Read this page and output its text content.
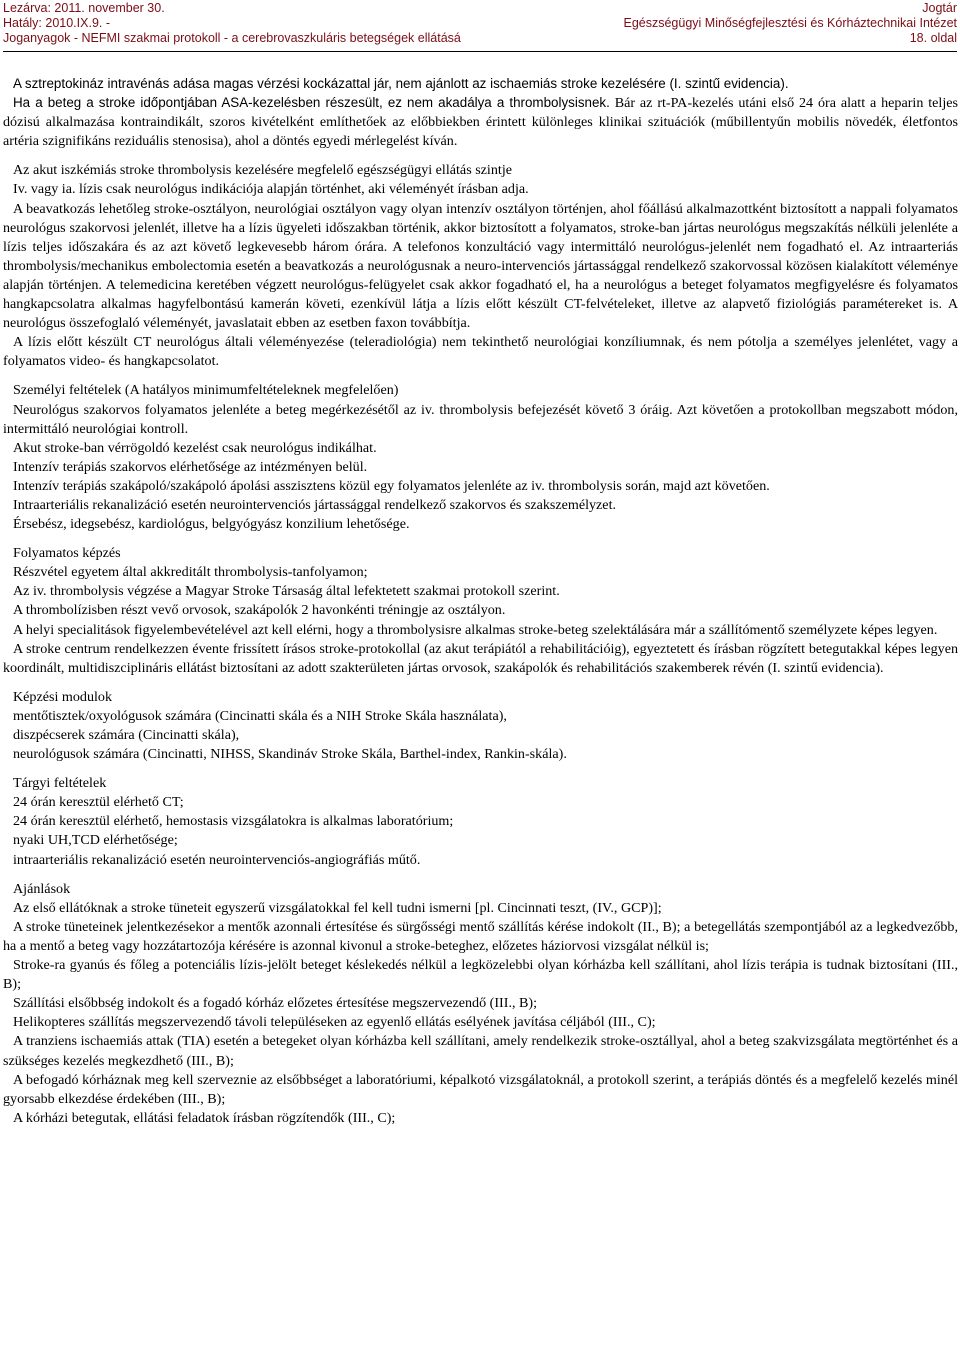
Lezárva: 2011. november 30.
Hatály: 2010.IX.9. -
Joganyagok - NEFMI szakmai protokoll - a cerebrovaszkuláris betegségek ellátásá
Jogtár
Egészségügyi Minőségfejlesztési és Kórháztechnikai Intézet
18. oldal

A sztreptokináz intravénás adása magas vérzési kockázattal jár, nem ajánlott az ischaemiás stroke kezelésére (I. szintű evidencia).

Ha a beteg a stroke időpontjában ASA-kezelésben részesült, ez nem akadálya a thrombolysisnek. Bár az rt-PA-kezelés utáni első 24 óra alatt a heparin teljes dózisú alkalmazása kontraindikált, szoros kivételként említhetőek az előbbiekben érintett különleges klinikai szituációk (műbillentyűn mobilis növedék, életfontos artéria szignifikáns reziduális stenosisa), ahol a döntés egyedi mérlegelést kíván.

Az akut iszkémiás stroke thrombolysis kezelésére megfelelő egészségügyi ellátás szintje

Iv. vagy ia. lízis csak neurológus indikációja alapján történhet, aki véleményét írásban adja.

A beavatkozás lehetőleg stroke-osztályon, neurológiai osztályon vagy olyan intenzív osztályon történjen, ahol főállású alkalmazottként biztosított a nappali folyamatos neurológus szakorvosi jelenlét, illetve ha a lízis ügyeleti időszakban történik, akkor biztosított a folyamatos, stroke-ban jártas neurológus megszakítás nélküli jelenléte a lízis teljes időszakára és az azt követő legkevesebb három órára. A telefonos konzultáció vagy intermittáló neurológus-jelenlét nem fogadható el. Az intraarteriás thrombolysis/mechanikus embolectomia esetén a beavatkozás a neurológusnak a neuro-intervenciós jártassággal rendelkező szakorvossal közösen kialakított véleménye alapján történjen. A telemedicina keretében végzett neurológus-felügyelet csak akkor fogadható el, ha a neurológus a beteget folyamatos megfigyelésre és folyamatos hangkapcsolatra alkalmas hagyfelbontású kamerán követi, ezenkívül látja a lízis előtt készült CT-felvételeket, illetve az alapvető fiziológiás paramétereket is. A neurológus összefoglaló véleményét, javaslatait ebben az esetben faxon továbbítja.

A lízis előtt készült CT neurológus általi véleményezése (teleradiológia) nem tekinthető neurológiai konzíliumnak, és nem pótolja a személyes jelenlétet, vagy a folyamatos video- és hangkapcsolatot.

Személyi feltételek (A hatályos minimumfeltételeknek megfelelően)

Neurológus szakorvos folyamatos jelenléte a beteg megérkezésétől az iv. thrombolysis befejezését követő 3 óráig. Azt követően a protokollban megszabott módon, intermittáló neurológiai kontroll.

Akut stroke-ban vérrögoldó kezelést csak neurológus indikálhat.

Intenzív terápiás szakorvos elérhetősége az intézményen belül.

Intenzív terápiás szakápoló/szakápoló ápolási asszisztens közül egy folyamatos jelenléte az iv. thrombolysis során, majd azt követően.

Intraarteriális rekanalizáció esetén neurointervenciós jártassággal rendelkező szakorvos és szakszemélyzet.

Érsebész, idegsebész, kardiológus, belgyógyász konzilium lehetősége.

Folyamatos képzés

Részvétel egyetem által akkreditált thrombolysis-tanfolyamon;

Az iv. thrombolysis végzése a Magyar Stroke Társaság által lefektetett szakmai protokoll szerint.

A thrombolízisben részt vevő orvosok, szakápolók 2 havonkénti tréningje az osztályon.

A helyi specialitások figyelembevételével azt kell elérni, hogy a thrombolysisre alkalmas stroke-beteg szelektálására már a szállítómentő személyzete képes legyen.

A stroke centrum rendelkezzen évente frissített írásos stroke-protokollal (az akut terápiától a rehabilitációig), egyeztetett és írásban rögzített betegutakkal képes legyen koordinált, multidiszciplináris ellátást biztosítani az adott szakterületen jártas orvosok, szakápolók és rehabilitációs szakemberek révén (I. szintű evidencia).

Képzési modulok

mentőtisztek/oxyológusok számára (Cincinatti skála és a NIH Stroke Skála használata),

diszpécserek számára (Cincinatti skála),

neurológusok számára (Cincinatti, NIHSS, Skandináv Stroke Skála, Barthel-index, Rankin-skála).

Tárgyi feltételek

24 órán keresztül elérhető CT;

24 órán keresztül elérhető, hemostasis vizsgálatokra is alkalmas laboratórium;

nyaki UH,TCD elérhetősége;

intraarteriális rekanalizáció esetén neurointervenciós-angiográfiás műtő.

Ajánlások

Az első ellátóknak a stroke tüneteit egyszerű vizsgálatokkal fel kell tudni ismerni [pl. Cincinnati teszt, (IV., GCP)];

A stroke tüneteinek jelentkezésekor a mentők azonnali értesítése és sürgősségi mentő szállítás kérése indokolt (II., B); a betegellátás szempontjából az a legkedvezőbb, ha a mentő a beteg vagy hozzátartozója kérésére is azonnal kivonul a stroke-beteghez, előzetes háziorvosi vizsgálat nélkül is;

Stroke-ra gyanús és főleg a potenciális lízis-jelölt beteget késlekedés nélkül a legközelebbi olyan kórházba kell szállítani, ahol lízis terápia is tudnak biztosítani (III., B);

Szállítási elsőbbség indokolt és a fogadó kórház előzetes értesítése megszervezendő (III., B);

Helikopteres szállítás megszervezendő távoli településeken az egyenlő ellátás esélyének javítása céljából (III., C);

A tranziens ischaemiás attak (TIA) esetén a betegeket olyan kórházba kell szállítani, amely rendelkezik stroke-osztállyal, ahol a beteg szakvizsgálata megtörténhet és a szükséges kezelés megkezdhető (III., B);

A befogadó kórháznak meg kell szerveznie az elsőbbséget a laboratóriumi, képalkotó vizsgálatoknál, a protokoll szerint, a terápiás döntés és a megfelelő kezelés minél gyorsabb elkezdése érdekében (III., B);

A kórházi betegutak, ellátási feladatok írásban rögzítendők (III., C);
